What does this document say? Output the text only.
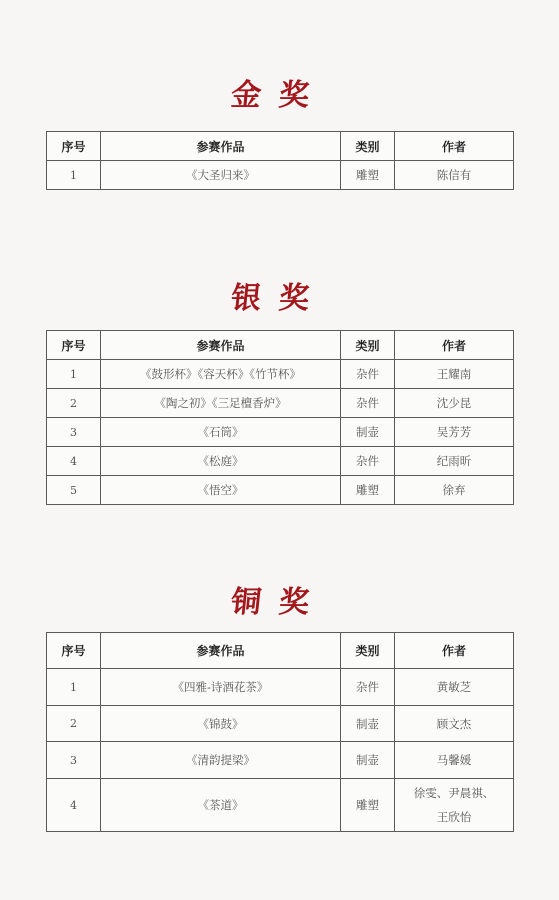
金奖
序号	参赛作品	类别	作者
1	《大圣归来》	雕塑	陈信有
银奖
序号	参赛作品	类别	作者
1	《鼓形杯》《容天杯》《竹节杯》	杂件	王耀南
2	《陶之初》《三足檀香炉》	杂件	沈少昆
3	《石筒》	制壶	吴芳芳
4	《松庭》	杂件	纪雨昕
5	《悟空》	雕塑	徐弃
铜奖
序号	参赛作品	类别	作者
1	《四雅-诗酒花茶》	杂件	黄敏芝
2	《锦鼓》	制壶	顾文杰
3	《清韵提梁》	制壶	马馨媛
4	《茶道》	雕塑	徐雯、尹晨祺、
王欣怡
